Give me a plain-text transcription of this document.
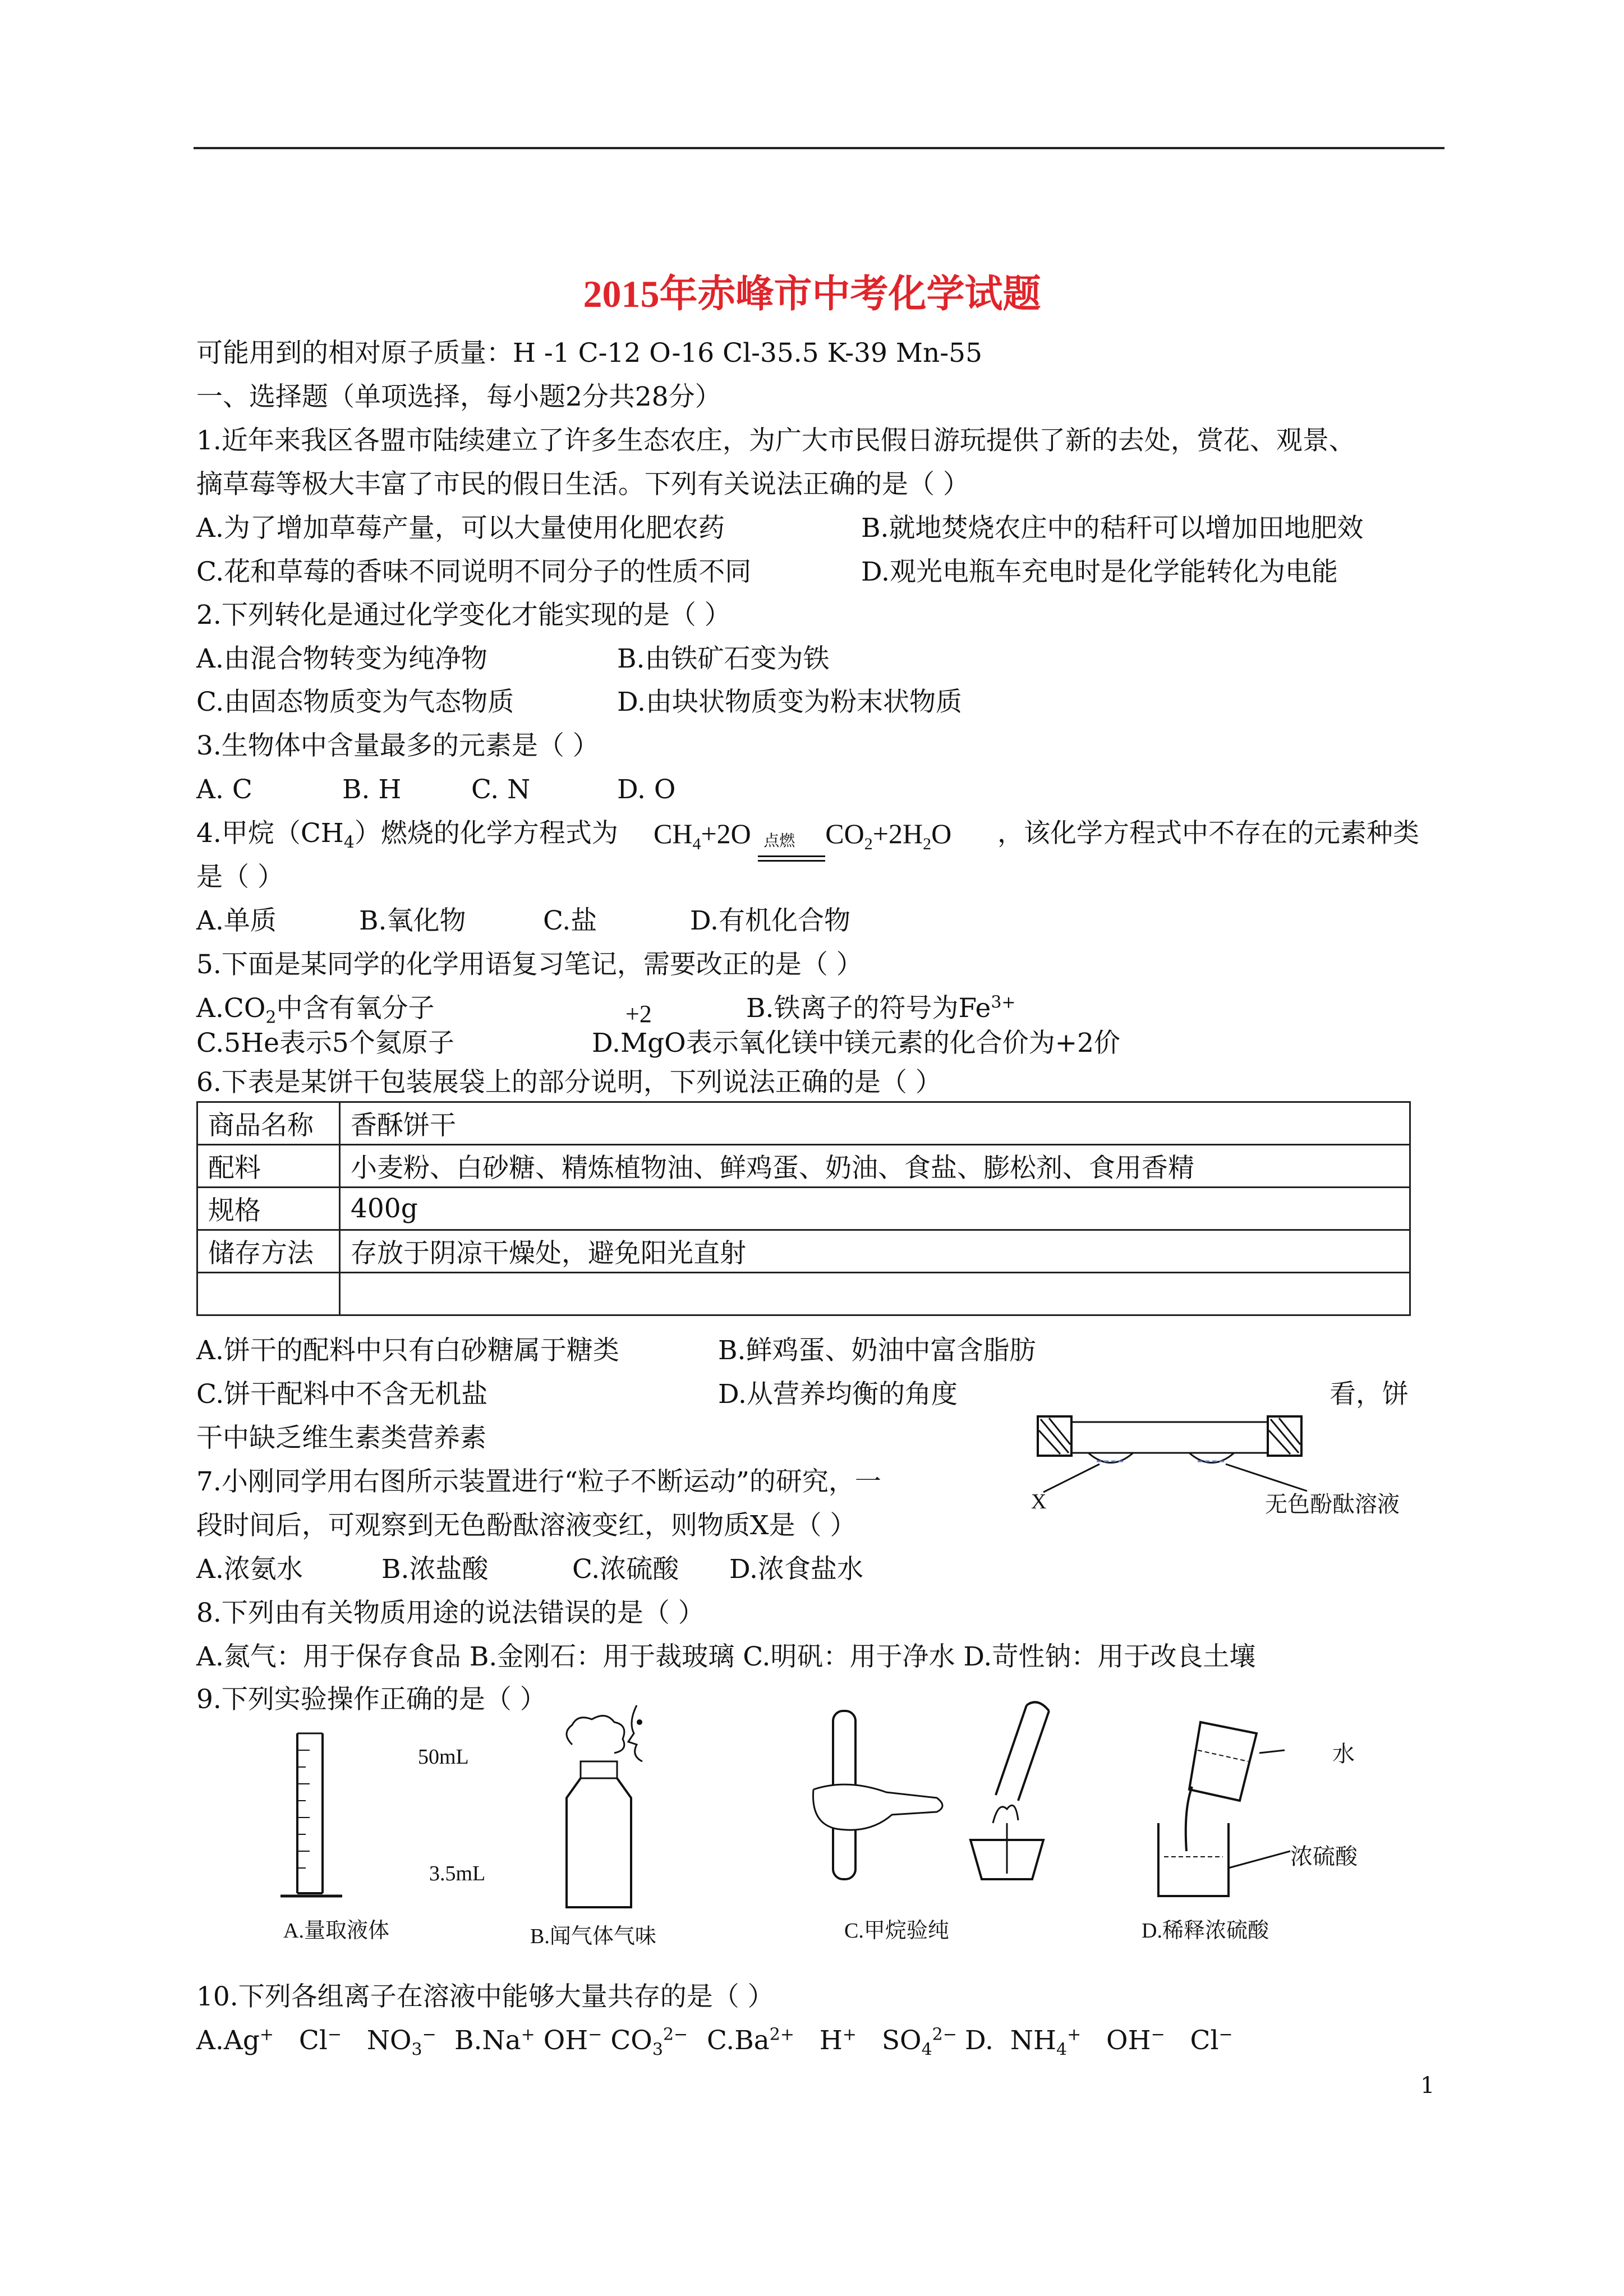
2015年赤峰市中考化学试题
可能用到的相对原子质量：H -1 C-12 O-16 Cl-35.5 K-39 Mn-55
一、选择题（单项选择，每小题2分共28分）
1.近年来我区各盟市陆续建立了许多生态农庄，为广大市民假日游玩提供了新的去处，赏花、观景、
摘草莓等极大丰富了市民的假日生活。下列有关说法正确的是（ ）
A.为了增加草莓产量，可以大量使用化肥农药	B.就地焚烧农庄中的秸秆可以增加田地肥效
C.花和草莓的香味不同说明不同分子的性质不同	D.观光电瓶车充电时是化学能转化为电能
2.下列转化是通过化学变化才能实现的是（ ）
A.由混合物转变为纯净物	B.由铁矿石变为铁
C.由固态物质变为气态物质	D.由块状物质变为粉末状物质
3.生物体中含量最多的元素是（ ）
A. C	B. H	C. N	D. O
4.甲烷$(CH_4)$燃烧的化学方程式为 $CH_4+2O$ 点燃 $CO_2+2H_2O$ ，该化学方程式中不存在的元素种类
是（ ）
A.单质	B.氧化物	C.盐	D.有机化合物
5.下面是某同学的化学用语复习笔记，需要改正的是（ ）
$A.CO_2$中含有氧分子	B.铁离子的符号为$Fe^{3+}$
+2
C.5He表示5个氦原子	D.MgO表示氧化镁中镁元素的化合价为+2价
6.下表是某饼干包装展袋上的部分说明，下列说法正确的是（ ）
商品名称	香酥饼干
配料	小麦粉、白砂糖、精炼植物油、鲜鸡蛋、奶油、食盐、膨松剂、食用香精
规格	400g
储存方法	存放于阴凉干燥处，避免阳光直射

A.饼干的配料中只有白砂糖属于糖类	B.鲜鸡蛋、奶油中富含脂肪
C.饼干配料中不含无机盐	D.从营养均衡的角度	看，饼
干中缺乏维生素类营养素
X	无色酚酞溶液
7.小刚同学用右图所示装置进行“粒子不断运动”的研究，一
段时间后，可观察到无色酚酞溶液变红，则物质X是（ ）
A.浓氨水	B.浓盐酸	C.浓硫酸 D.浓食盐水
8.下列由有关物质用途的说法错误的是（ ）
A.氮气：用于保存食品 B.金刚石：用于裁玻璃 C.明矾：用于净水 D.苛性钠：用于改良土壤
9.下列实验操作正确的是（ ）
50mL
3.5mL
A.量取液体	B.闻气体气味	C.甲烷验纯
水
浓硫酸
D.稀释浓硫酸
10.下列各组离子在溶液中能够大量共存的是（ ）
A.Ag+ Cl− $NO_3^-$ B.Na+ OH− $CO_3^{2-}$ $C.Ba^{2+}$ H+ $SO_4^{2-}$ D. $NH_4^+$ OH− Cl−
1
